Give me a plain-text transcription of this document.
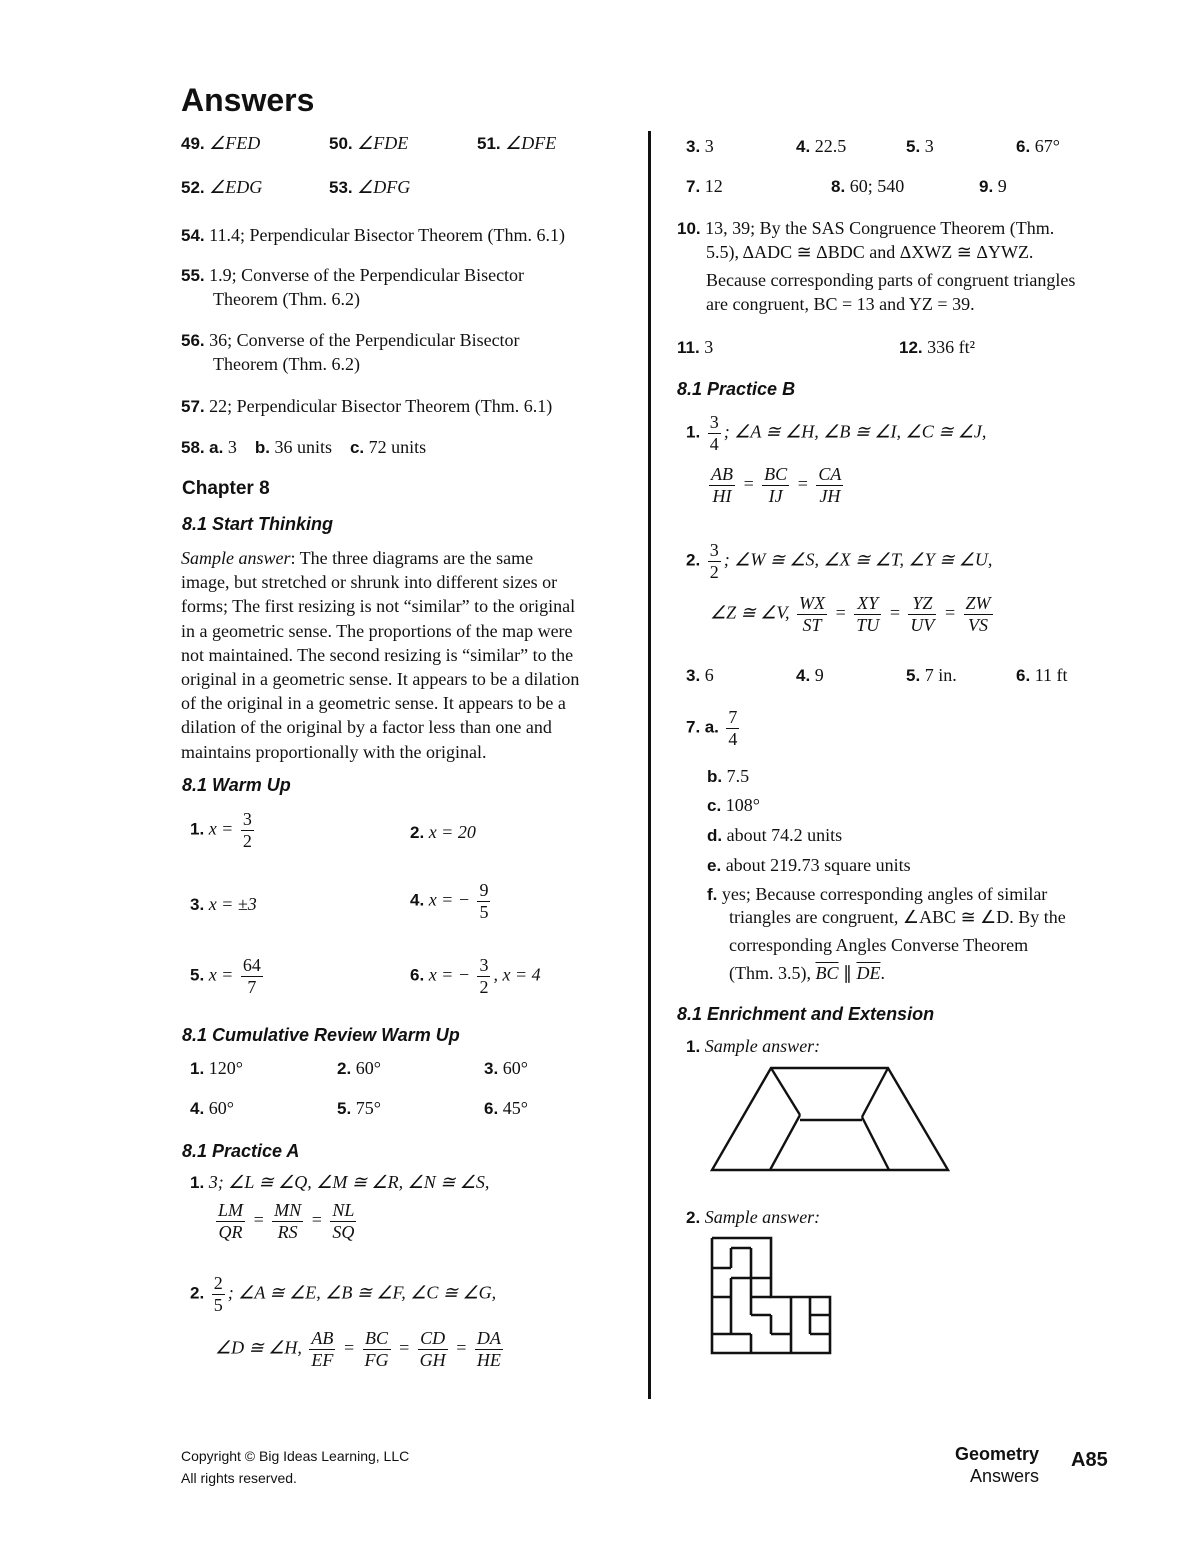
Answers
49. ∠FED	50. ∠FDE	51. ∠DFE
52. ∠EDG	53. ∠DFG
54. 11.4; Perpendicular Bisector Theorem (Thm. 6.1)
55. 1.9; Converse of the Perpendicular Bisector
Theorem (Thm. 6.2)
56. 36; Converse of the Perpendicular Bisector
Theorem (Thm. 6.2)
57. 22; Perpendicular Bisector Theorem (Thm. 6.1)
58. a. 3 b. 36 units c. 72 units
Chapter 8
8.1 Start Thinking
Sample answer: The three diagrams are the same
image, but stretched or shrunk into different sizes or
forms; The first resizing is not “similar” to the original
in a geometric sense. The proportions of the map were
not maintained. The second resizing is “similar” to the
original in a geometric sense. It appears to be a dilation
of the original in a geometric sense. It appears to be a
dilation of the original by a factor less than one and
maintains proportionally with the original.
8.1 Warm Up
1. $x = \frac{3}{2}$	2. x = 20
3. x = ±3	4. x = − $\frac{9}{5}$
5. $x = \frac{64}{7}$	6. x = − $\frac{3}{2}$ , x = 4
8.1 Cumulative Review Warm Up
1. 120°	2. 60°	3. 60°
4. 60°	5. 75°	6. 45°
8.1 Practice A
1. 3; ∠L ≅ ∠Q, ∠M ≅ ∠R, ∠N ≅ ∠S,
$\frac{LM}{QR} = \frac{MN}{RS} = \frac{NL}{SQ}$
2. $\frac{2}{5}$ ; ∠A ≅ ∠E, ∠B ≅ ∠F, ∠C ≅ ∠G,
∠D ≅ ∠H, $\frac{AB}{EF} = \frac{BC}{FG} = \frac{CD}{GH} = \frac{DA}{HE}$
3. 3	4. 22.5	5. 3	6. 67°
7. 12	8. 60; 540	9. 9
10. 13, 39; By the SAS Congruence Theorem (Thm.
5.5), ΔADC ≅ ΔBDC and ΔXWZ ≅ ΔYWZ.
Because corresponding parts of congruent triangles
are congruent, BC = 13 and YZ = 39.
11. 3	12. 336 ft²
8.1 Practice B
1. $\frac{3}{4}$ ; ∠A ≅ ∠H, ∠B ≅ ∠I, ∠C ≅ ∠J,
$\frac{AB}{HI} = \frac{BC}{IJ} = \frac{CA}{JH}$
2. $\frac{3}{2}$ ; ∠W ≅ ∠S, ∠X ≅ ∠T, ∠Y ≅ ∠U,
∠Z ≅ ∠V, $\frac{WX}{ST} = \frac{XY}{TU} = \frac{YZ}{UV} = \frac{ZW}{VS}$
3. 6	4. 9	5. 7 in.	6. 11 ft
7. a. $\frac{7}{4}$
b. 7.5
c. 108°
d. about 74.2 units
e. about 219.73 square units
f. yes; Because corresponding angles of similar
triangles are congruent, ∠ABC ≅ ∠D. By the
corresponding Angles Converse Theorem
(Thm. 3.5), $\overline{BC}$ ∥ $\overline{DE}$.
8.1 Enrichment and Extension
1. Sample answer:
2. Sample answer:
Copyright © Big Ideas Learning, LLC
All rights reserved.
Geometry
Answers
A85
